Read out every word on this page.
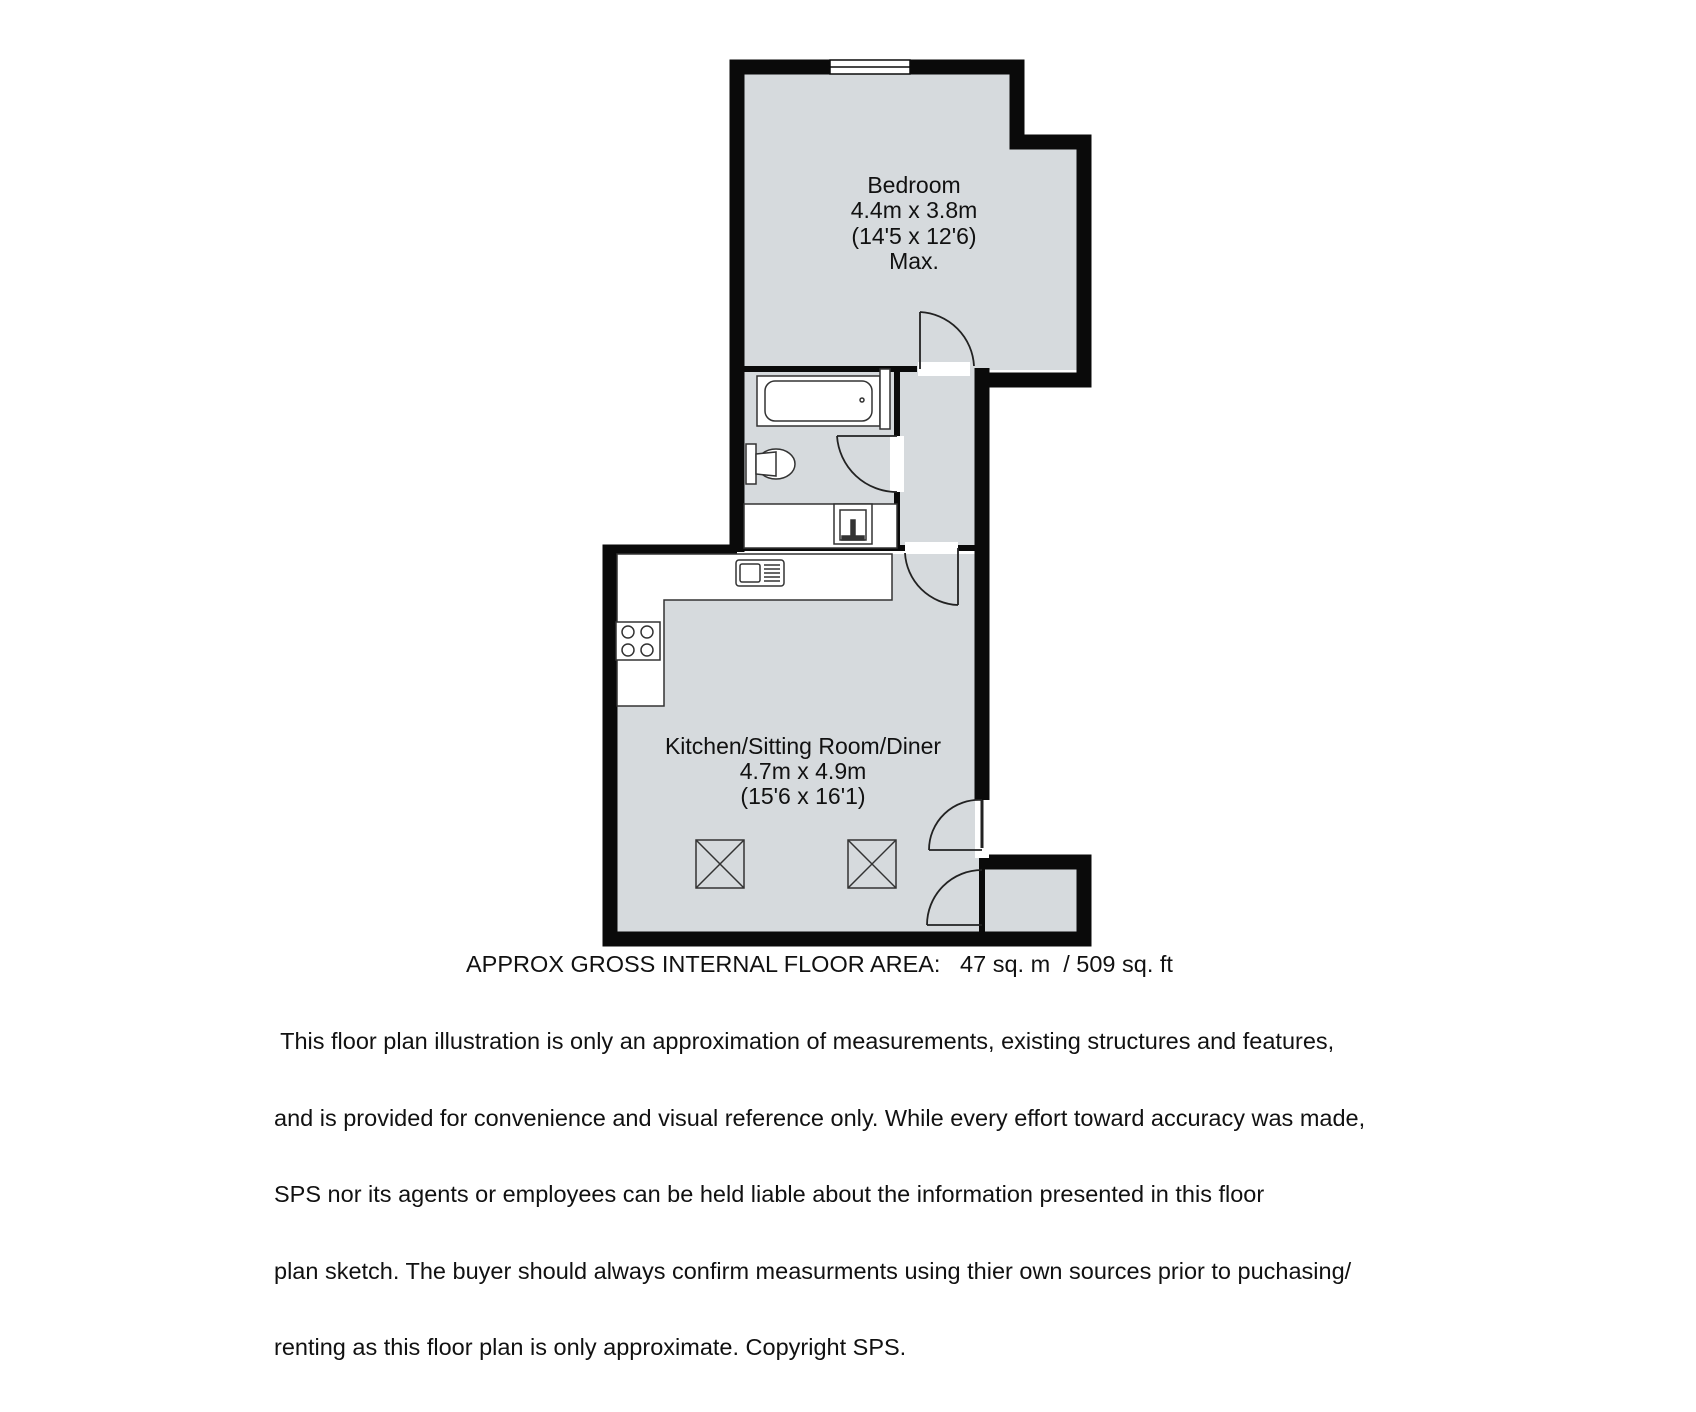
Bedroom
4.4m x 3.8m
(14'5 x 12'6)
Max.
Kitchen/Sitting Room/Diner
4.7m x 4.9m
(15'6 x 16'1)
APPROX GROSS INTERNAL FLOOR AREA:   47 sq. m  / 509 sq. ft

This floor plan illustration is only an approximation of measurements, existing structures and features,

and is provided for convenience and visual reference only. While every effort toward accuracy was made,

SPS nor its agents or employees can be held liable about the information presented in this floor

plan sketch. The buyer should always confirm measurments using thier own sources prior to puchasing/

renting as this floor plan is only approximate. Copyright SPS.
